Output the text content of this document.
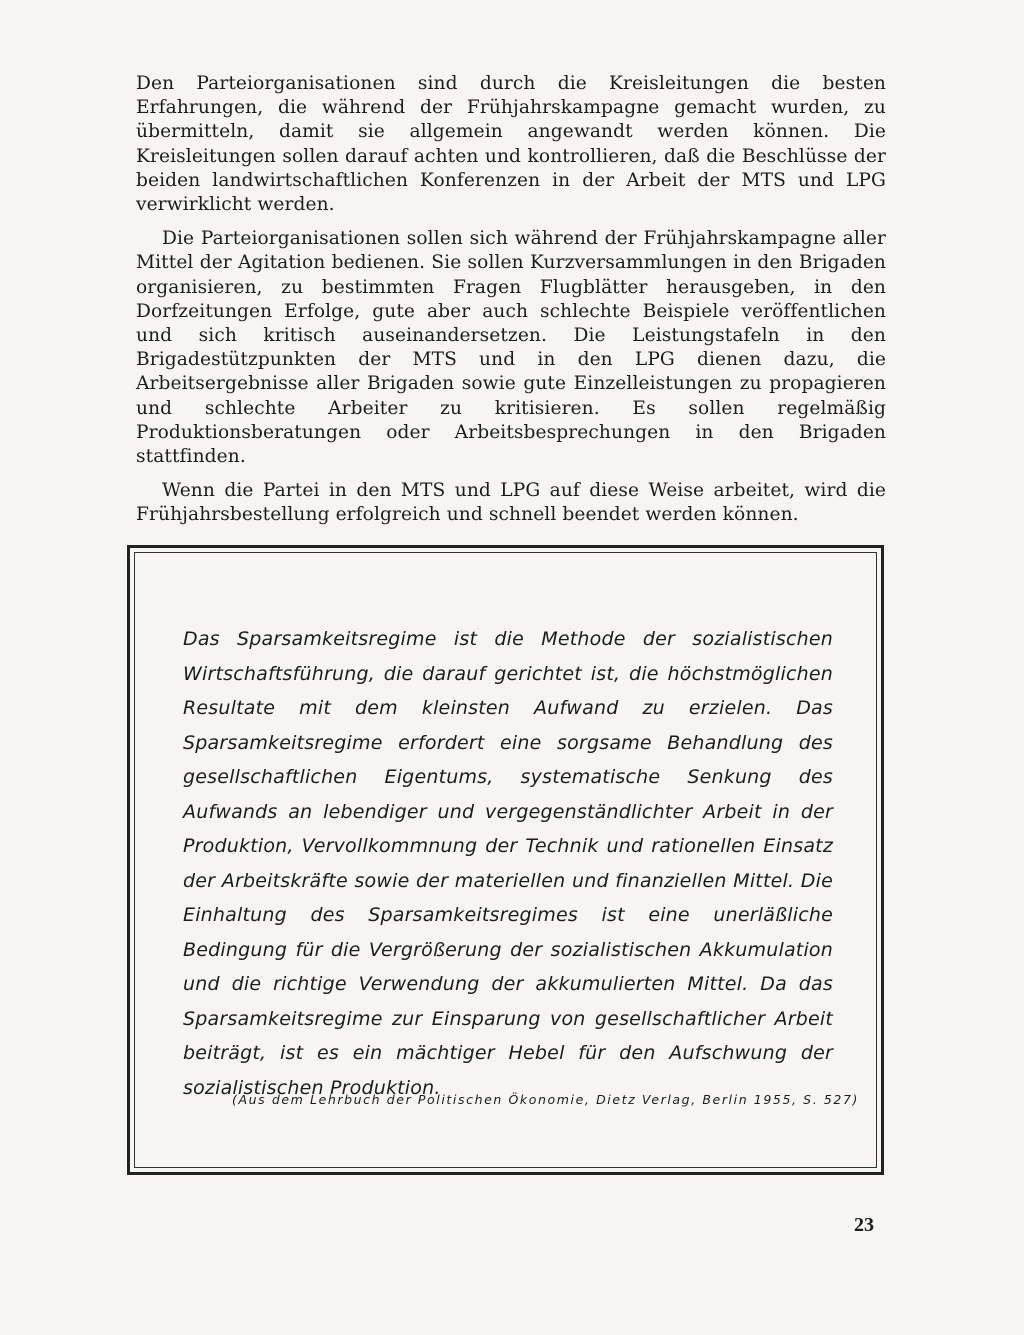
Den Parteiorganisationen sind durch die Kreisleitungen die besten Erfahrungen, die während der Frühjahrskampagne gemacht wurden, zu übermitteln, damit sie allgemein angewandt werden können. Die Kreisleitungen sollen darauf achten und kontrollieren, daß die Beschlüsse der beiden landwirtschaftlichen Konferenzen in der Arbeit der MTS und LPG verwirklicht werden.

Die Parteiorganisationen sollen sich während der Frühjahrskampagne aller Mittel der Agitation bedienen. Sie sollen Kurzversammlungen in den Brigaden organisieren, zu bestimmten Fragen Flugblätter herausgeben, in den Dorfzeitungen Erfolge, gute aber auch schlechte Beispiele veröffentlichen und sich kritisch auseinandersetzen. Die Leistungstafeln in den Brigadestützpunkten der MTS und in den LPG dienen dazu, die Arbeitsergebnisse aller Brigaden sowie gute Einzelleistungen zu propagieren und schlechte Arbeiter zu kritisieren. Es sollen regelmäßig Produktionsberatungen oder Arbeitsbesprechungen in den Brigaden stattfinden.

Wenn die Partei in den MTS und LPG auf diese Weise arbeitet, wird die Frühjahrsbestellung erfolgreich und schnell beendet werden können.

Das Sparsamkeitsregime ist die Methode der sozialistischen Wirtschaftsführung, die darauf gerichtet ist, die höchstmöglichen Resultate mit dem kleinsten Aufwand zu erzielen. Das Sparsamkeitsregime erfordert eine sorgsame Behandlung des gesellschaftlichen Eigentums, systematische Senkung des Aufwands an lebendiger und vergegenständlichter Arbeit in der Produktion, Vervollkommnung der Technik und rationellen Einsatz der Arbeitskräfte sowie der materiellen und finanziellen Mittel. Die Einhaltung des Sparsamkeitsregimes ist eine unerläßliche Bedingung für die Vergrößerung der sozialistischen Akkumulation und die richtige Verwendung der akkumulierten Mittel. Da das Sparsamkeitsregime zur Einsparung von gesellschaftlicher Arbeit beiträgt, ist es ein mächtiger Hebel für den Aufschwung der sozialistischen Produktion.
(Aus dem Lehrbuch der Politischen Ökonomie, Dietz Verlag, Berlin 1955, S. 527)
23
